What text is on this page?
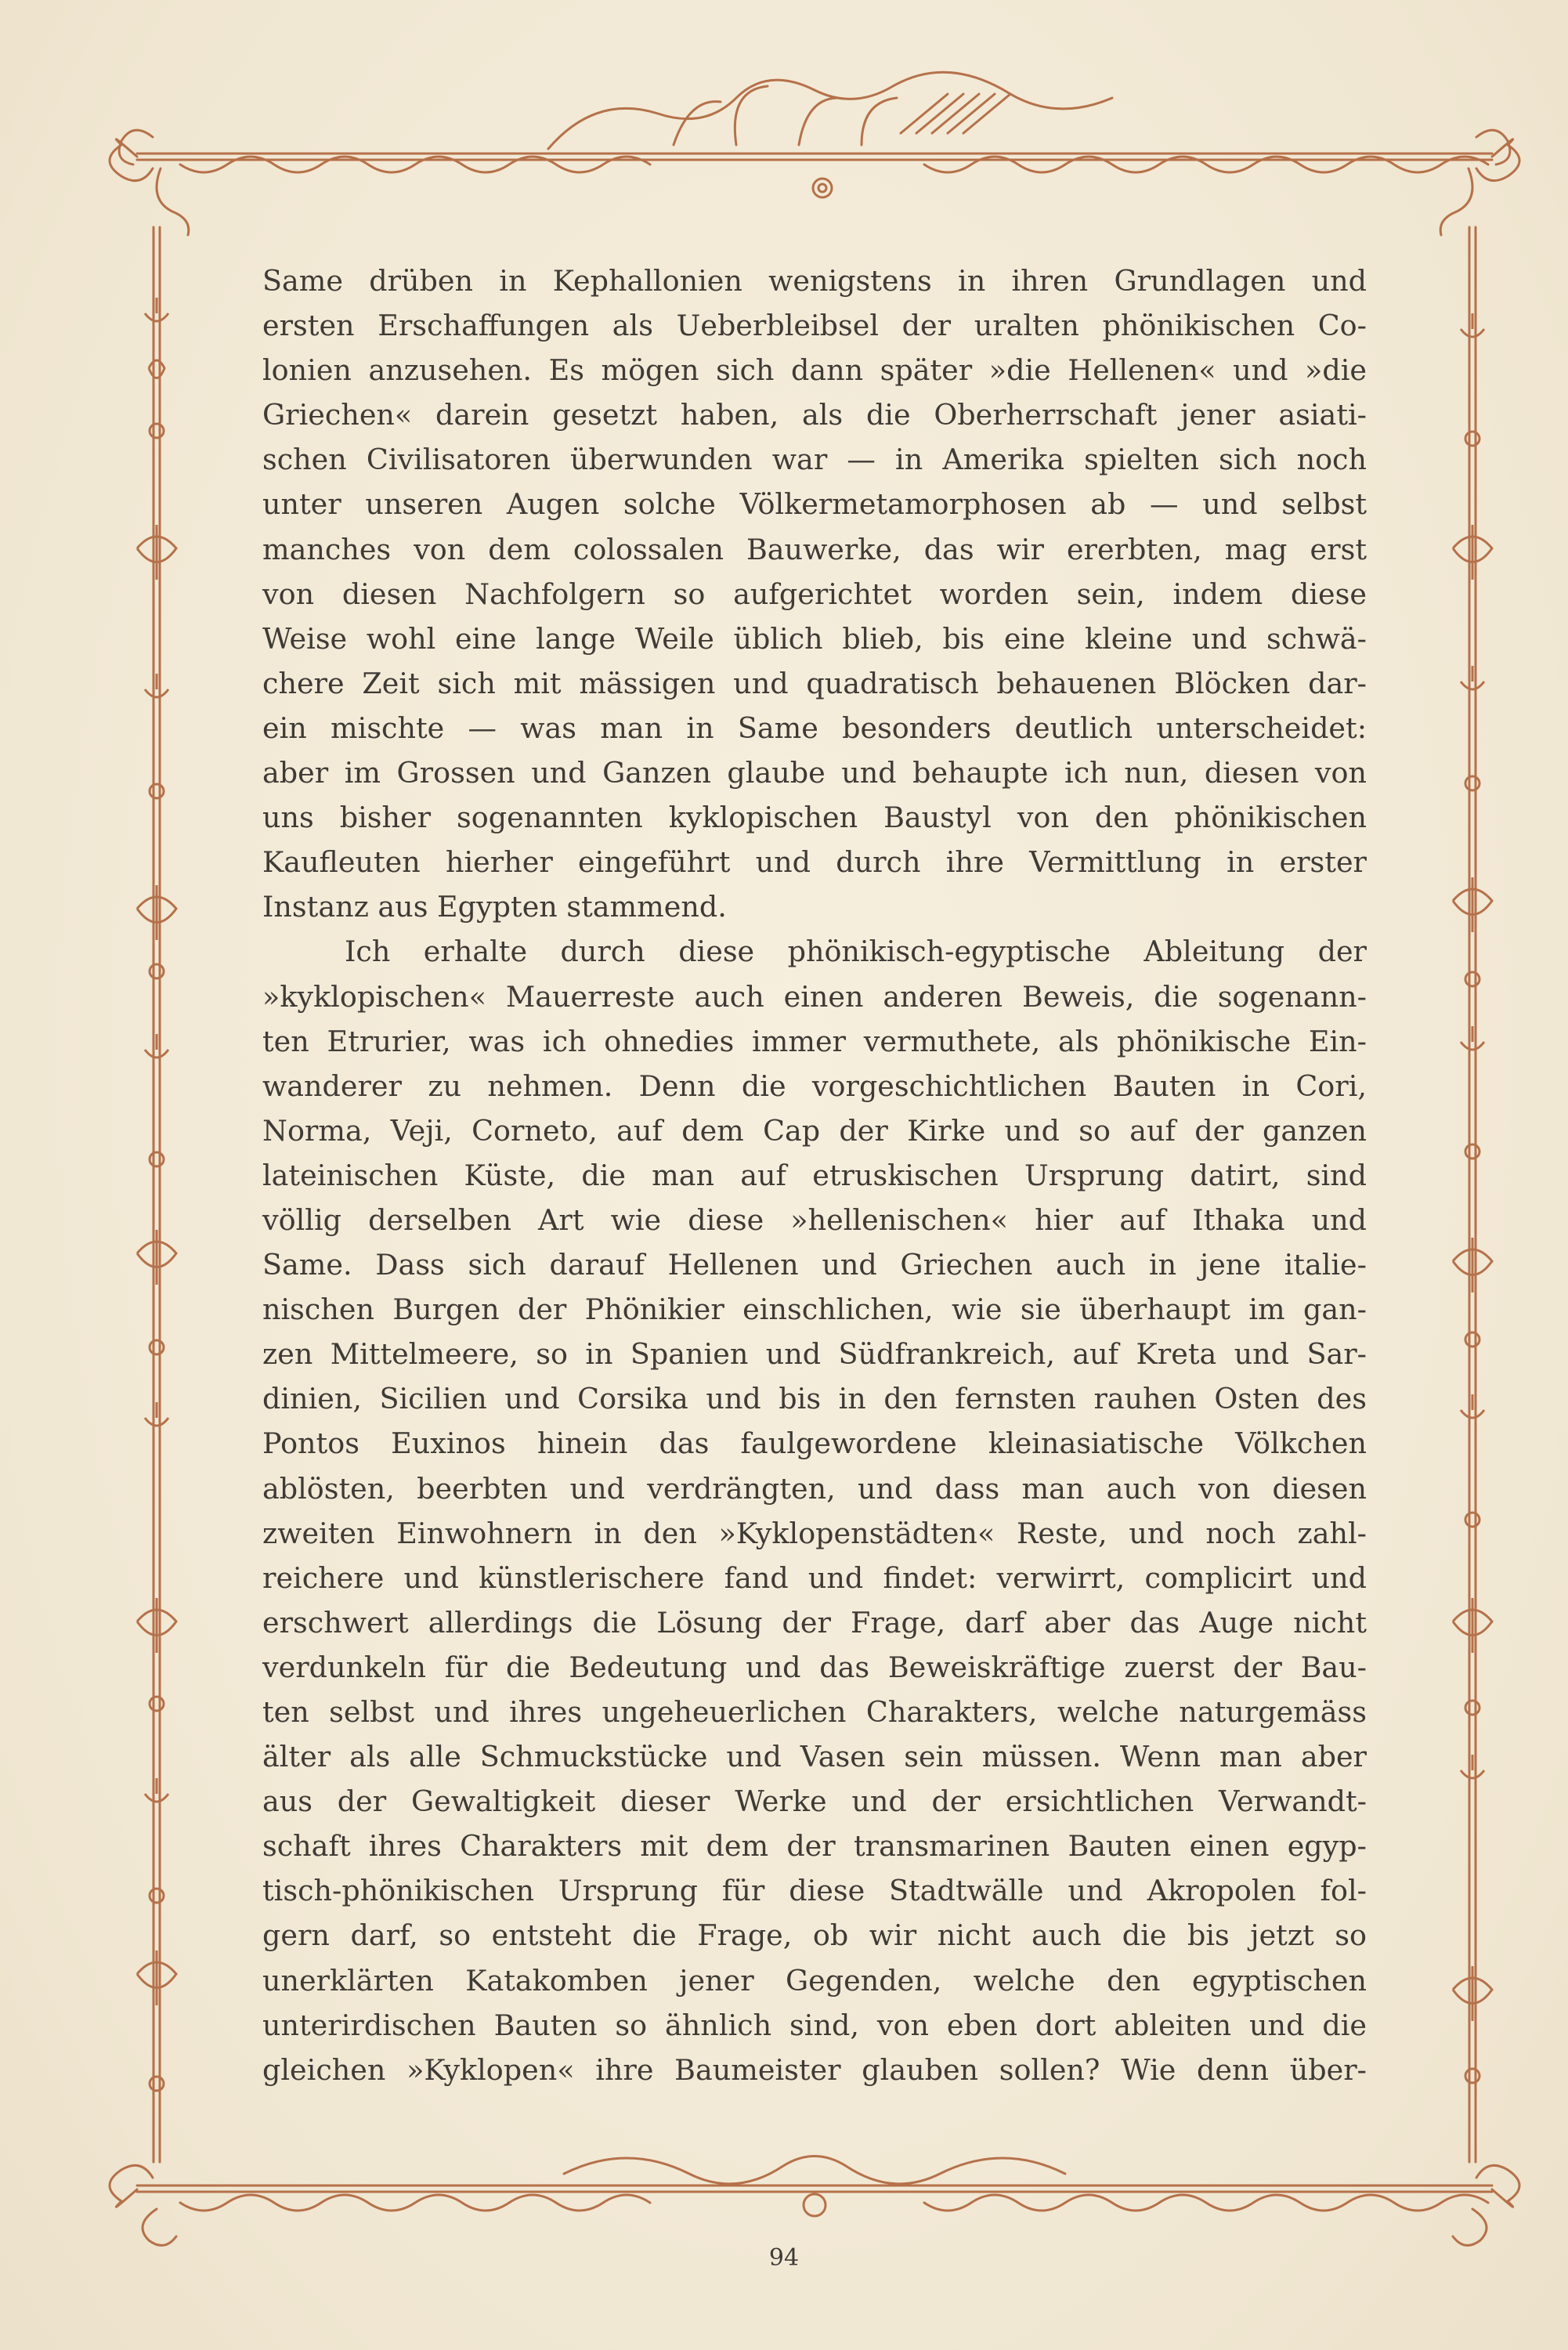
Same drüben in Kephallonien wenigstens in ihren Grundlagen und
ersten Erschaffungen als Ueberbleibsel der uralten phönikischen Co-
lonien anzusehen. Es mögen sich dann später »die Hellenen« und »die
Griechen« darein gesetzt haben, als die Oberherrschaft jener asiati-
schen Civilisatoren überwunden war — in Amerika spielten sich noch
unter unseren Augen solche Völkermetamorphosen ab — und selbst
manches von dem colossalen Bauwerke, das wir ererbten, mag erst
von diesen Nachfolgern so aufgerichtet worden sein, indem diese
Weise wohl eine lange Weile üblich blieb, bis eine kleine und schwä-
chere Zeit sich mit mässigen und quadratisch behauenen Blöcken dar-
ein mischte — was man in Same besonders deutlich unterscheidet:
aber im Grossen und Ganzen glaube und behaupte ich nun, diesen von
uns bisher sogenannten kyklopischen Baustyl von den phönikischen
Kaufleuten hierher eingeführt und durch ihre Vermittlung in erster
Instanz aus Egypten stammend.
Ich erhalte durch diese phönikisch-egyptische Ableitung der
»kyklopischen« Mauerreste auch einen anderen Beweis, die sogenann-
ten Etrurier, was ich ohnedies immer vermuthete, als phönikische Ein-
wanderer zu nehmen. Denn die vorgeschichtlichen Bauten in Cori,
Norma, Veji, Corneto, auf dem Cap der Kirke und so auf der ganzen
lateinischen Küste, die man auf etruskischen Ursprung datirt, sind
völlig derselben Art wie diese »hellenischen« hier auf Ithaka und
Same. Dass sich darauf Hellenen und Griechen auch in jene italie-
nischen Burgen der Phönikier einschlichen, wie sie überhaupt im gan-
zen Mittelmeere, so in Spanien und Südfrankreich, auf Kreta und Sar-
dinien, Sicilien und Corsika und bis in den fernsten rauhen Osten des
Pontos Euxinos hinein das faulgewordene kleinasiatische Völkchen
ablösten, beerbten und verdrängten, und dass man auch von diesen
zweiten Einwohnern in den »Kyklopenstädten« Reste, und noch zahl-
reichere und künstlerischere fand und findet: verwirrt, complicirt und
erschwert allerdings die Lösung der Frage, darf aber das Auge nicht
verdunkeln für die Bedeutung und das Beweiskräftige zuerst der Bau-
ten selbst und ihres ungeheuerlichen Charakters, welche naturgemäss
älter als alle Schmuckstücke und Vasen sein müssen. Wenn man aber
aus der Gewaltigkeit dieser Werke und der ersichtlichen Verwandt-
schaft ihres Charakters mit dem der transmarinen Bauten einen egyp-
tisch-phönikischen Ursprung für diese Stadtwälle und Akropolen fol-
gern darf, so entsteht die Frage, ob wir nicht auch die bis jetzt so
unerklärten Katakomben jener Gegenden, welche den egyptischen
unterirdischen Bauten so ähnlich sind, von eben dort ableiten und die
gleichen »Kyklopen« ihre Baumeister glauben sollen? Wie denn über-
94
